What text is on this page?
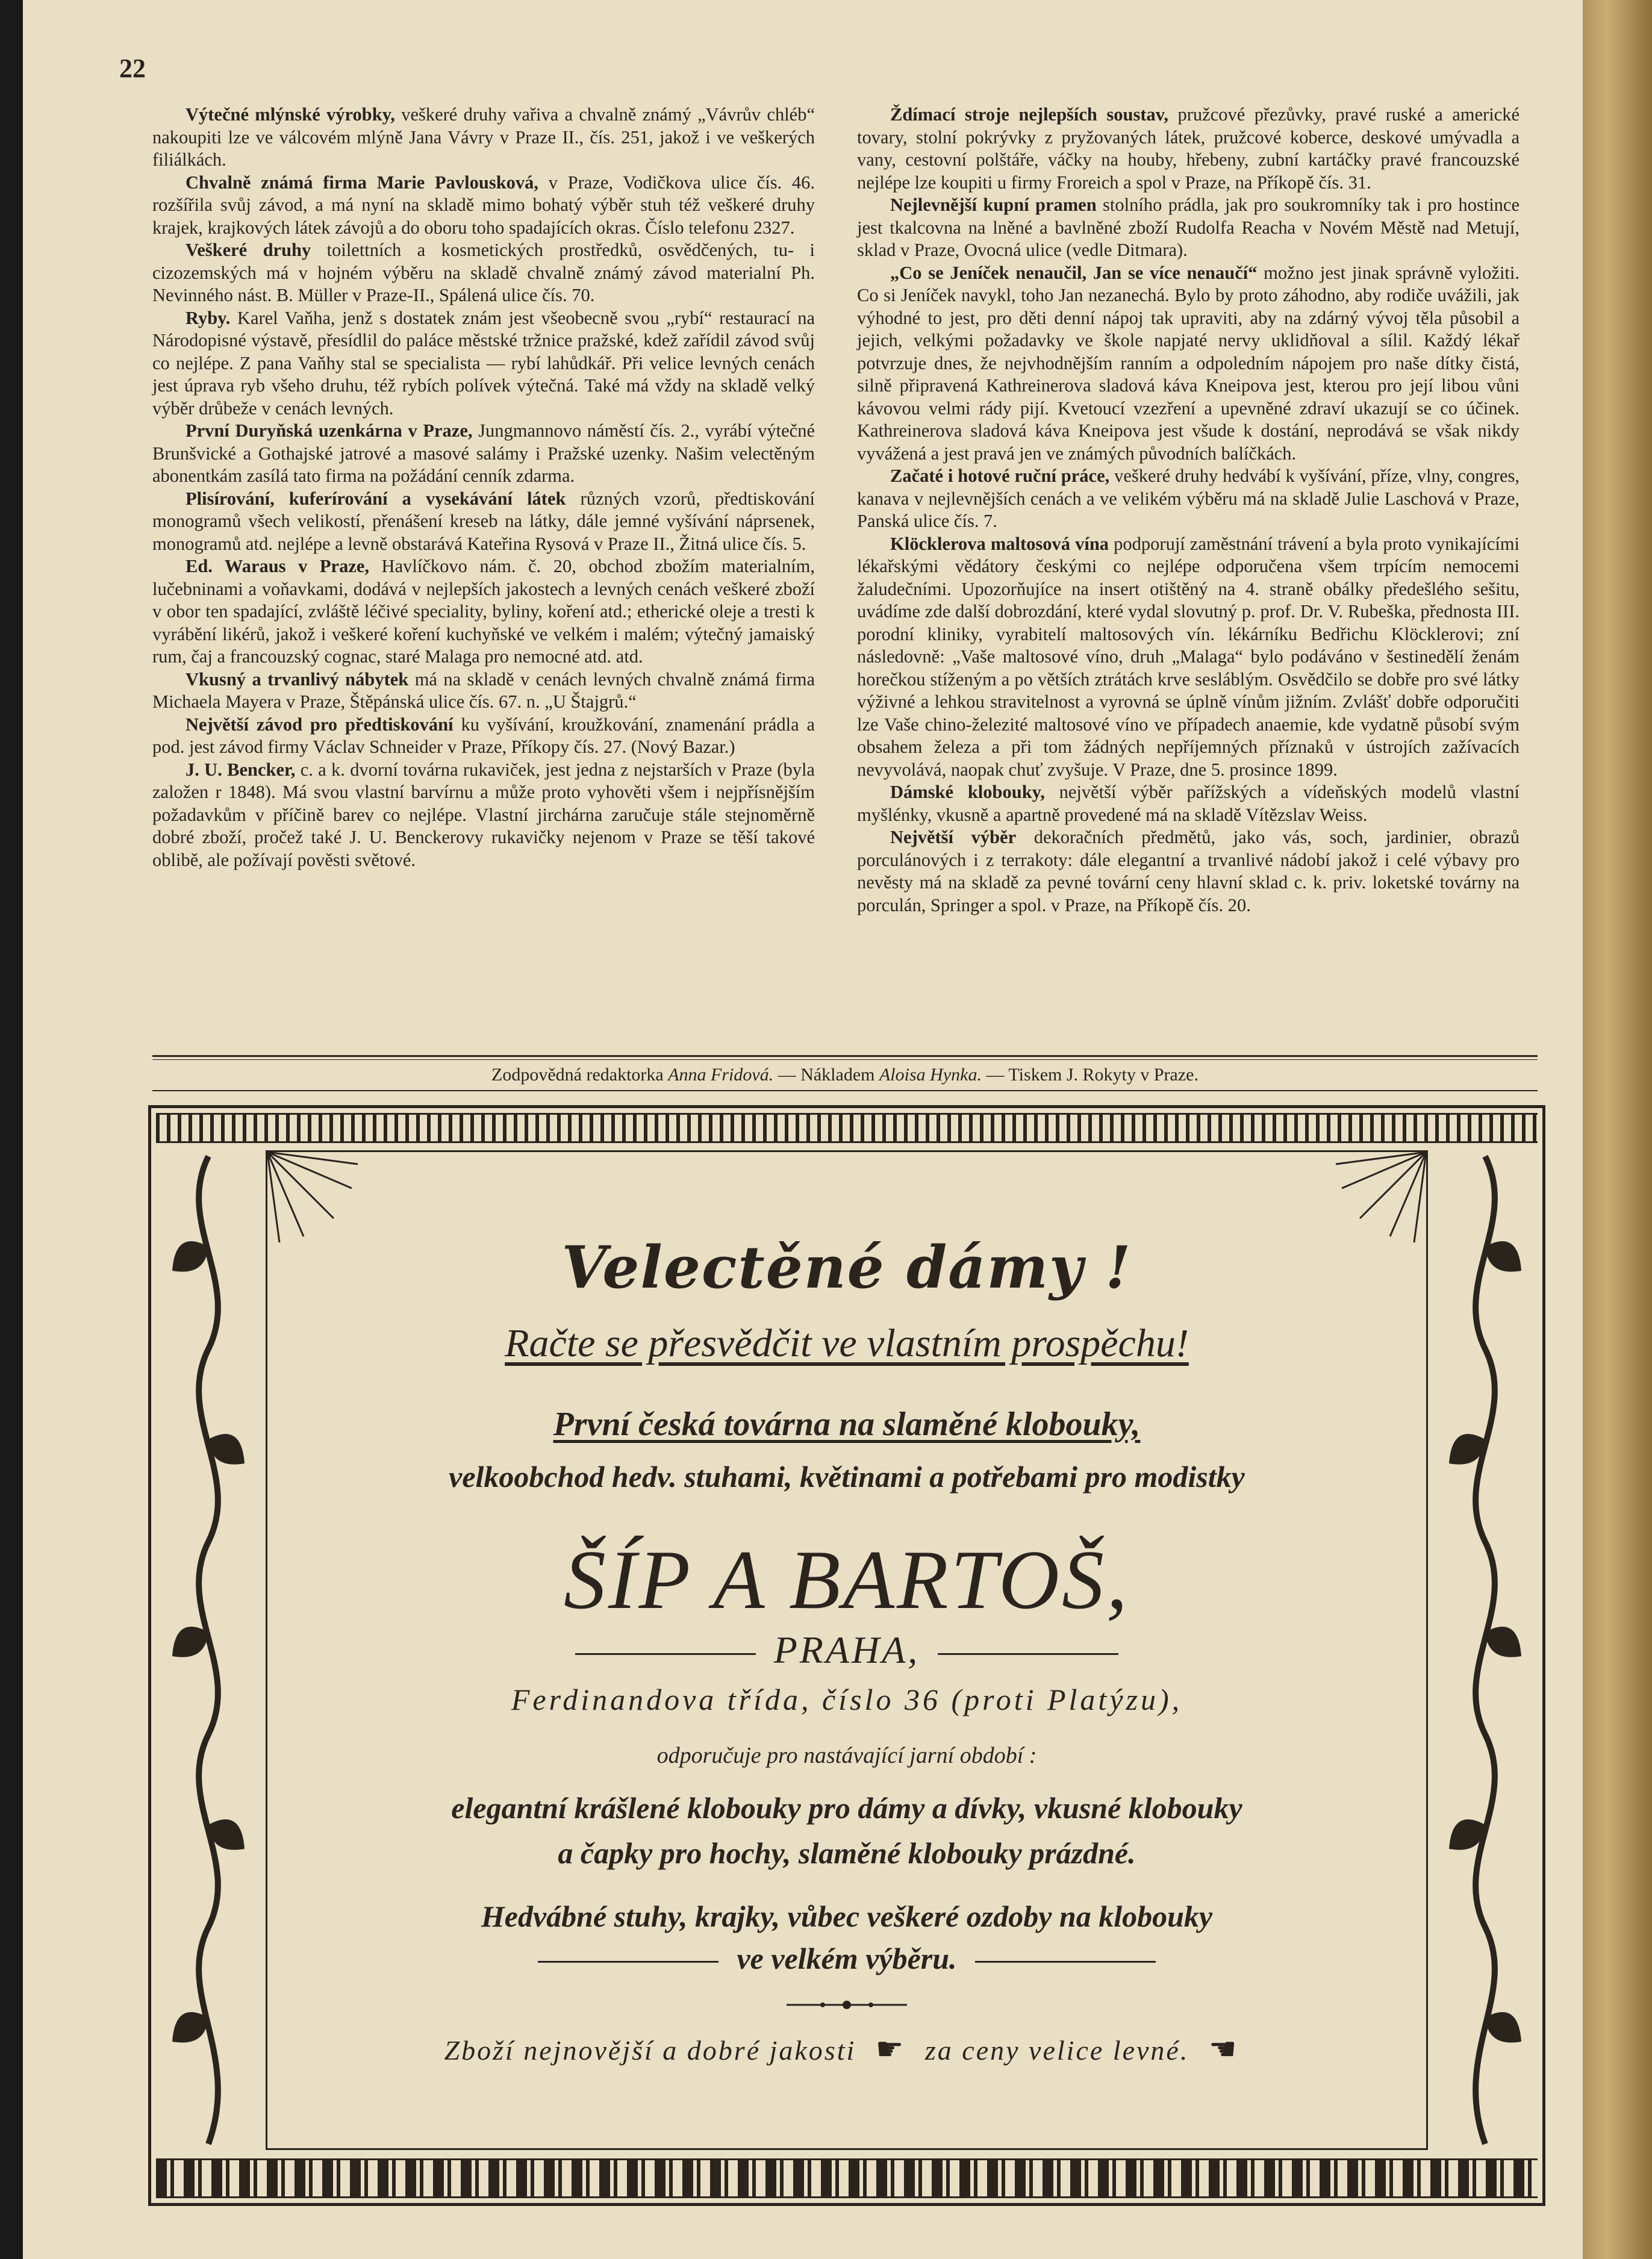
22

Výtečné mlýnské výrobky, veškeré druhy vařiva a chvalně známý „Vávrův chléb“ nakoupiti lze ve válcovém mlýně Jana Vávry v Praze II., čís. 251, jakož i ve veškerých filiálkách.

Chvalně známá firma Marie Pavlousková, v Praze, Vodičkova ulice čís. 46. rozšířila svůj závod, a má nyní na skladě mimo bohatý výběr stuh též veškeré druhy krajek, krajkových látek závojů a do oboru toho spadajících okras. Číslo telefonu 2327.

Veškeré druhy toilettních a kosmetických prostředků, osvědčených, tu- i cizozemských má v hojném výběru na skladě chvalně známý závod materialní Ph. Nevinného nást. B. Müller v Praze-II., Spálená ulice čís. 70.

Ryby. Karel Vaňha, jenž s dostatek znám jest všeobecně svou „rybí“ restaurací na Národopisné výstavě, přesídlil do paláce městské tržnice pražské, kdež zařídil závod svůj co nejlépe. Z pana Vaňhy stal se specialista — rybí lahůdkář. Při velice levných cenách jest úprava ryb všeho druhu, též rybích polívek výtečná. Také má vždy na skladě velký výběr drůbeže v cenách levných.

První Duryňská uzenkárna v Praze, Jungmannovo náměstí čís. 2., vyrábí výtečné Brunšvické a Gothajské jatrové a masové salámy i Pražské uzenky. Našim velectěným abonentkám zasílá tato firma na požádání cenník zdarma.

Plisírování, kuferírování a vysekávání látek různých vzorů, předtiskování monogramů všech velikostí, přenášení kreseb na látky, dále jemné vyšívání náprsenek, monogramů atd. nejlépe a levně obstarává Kateřina Rysová v Praze II., Žitná ulice čís. 5.

Ed. Waraus v Praze, Havlíčkovo nám. č. 20, obchod zbožím materialním, lučebninami a voňavkami, dodává v nejlepších jakostech a levných cenách veškeré zboží v obor ten spadající, zvláště léčivé speciality, byliny, koření atd.; etherické oleje a tresti k vyrábění likérů, jakož i veškeré koření kuchyňské ve velkém i malém; výtečný jamaiský rum, čaj a francouzský cognac, staré Malaga pro nemocné atd. atd.

Vkusný a trvanlivý nábytek má na skladě v cenách levných chvalně známá firma Michaela Mayera v Praze, Štěpánská ulice čís. 67. n. „U Štajgrů.“

Největší závod pro předtiskování ku vyšívání, kroužkování, znamenání prádla a pod. jest závod firmy Václav Schneider v Praze, Příkopy čís. 27. (Nový Bazar.)

J. U. Bencker, c. a k. dvorní továrna rukaviček, jest jedna z nejstarších v Praze (byla založen r 1848). Má svou vlastní barvírnu a může proto vyhověti všem i nejpřísnějším požadavkům v příčině barev co nejlépe. Vlastní jirchárna zaručuje stále stejnoměrně dobré zboží, pročež také J. U. Benckerovy rukavičky nejenom v Praze se těší takové oblibě, ale požívají pověsti světové.

Ždímací stroje nejlepších soustav, pružcové přezůvky, pravé ruské a americké tovary, stolní pokrývky z pryžovaných látek, pružcové koberce, deskové umývadla a vany, cestovní polštáře, váčky na houby, hřebeny, zubní kartáčky pravé francouzské nejlépe lze koupiti u firmy Froreich a spol v Praze, na Příkopě čís. 31.

Nejlevnější kupní pramen stolního prádla, jak pro soukromníky tak i pro hostince jest tkalcovna na lněné a bavlněné zboží Rudolfa Reacha v Novém Městě nad Metují, sklad v Praze, Ovocná ulice (vedle Ditmara).

„Co se Jeníček nenaučil, Jan se více nenaučí“ možno jest jinak správně vyložiti. Co si Jeníček navykl, toho Jan nezanechá. Bylo by proto záhodno, aby rodiče uvážili, jak výhodné to jest, pro děti denní nápoj tak upraviti, aby na zdárný vývoj těla působil a jejich, velkými požadavky ve škole napjaté nervy uklidňoval a sílil. Každý lékař potvrzuje dnes, že nejvhodnějším ranním a odpoledním nápojem pro naše dítky čistá, silně připravená Kathreinerova sladová káva Kneipova jest, kterou pro její libou vůni kávovou velmi rády pijí. Kvetoucí vzezření a upevněné zdraví ukazují se co účinek. Kathreinerova sladová káva Kneipova jest všude k dostání, neprodává se však nikdy vyvážená a jest pravá jen ve známých původních balíčkách.

Začaté i hotové ruční práce, veškeré druhy hedvábí k vyšívání, příze, vlny, congres, kanava v nejlevnějších cenách a ve velikém výběru má na skladě Julie Laschová v Praze, Panská ulice čís. 7.

Klöcklerova maltosová vína podporují zaměstnání trávení a byla proto vynikajícími lékařskými vědátory českými co nejlépe odporučena všem trpícím nemocemi žaludečními. Upozorňujíce na insert otištěný na 4. straně obálky předešlého sešitu, uvádíme zde další dobrozdání, které vydal slovutný p. prof. Dr. V. Rubeška, přednosta III. porodní kliniky, vyrabitelí maltosových vín. lékárníku Bedřichu Klöcklerovi; zní následovně: „Vaše maltosové víno, druh „Malaga“ bylo podáváno v šestinedělí ženám horečkou stíženým a po větších ztrátách krve sesláblým. Osvědčilo se dobře pro své látky výživné a lehkou stravitelnost a vyrovná se úplně vínům jižním. Zvlášť dobře odporučiti lze Vaše chino-železité maltosové víno ve případech anaemie, kde vydatně působí svým obsahem železa a při tom žádných nepříjemných příznaků v ústrojích zažívacích nevyvolává, naopak chuť zvyšuje. V Praze, dne 5. prosince 1899.

Dámské klobouky, největší výběr pařížských a vídeňských modelů vlastní myšlénky, vkusně a apartně provedené má na skladě Vítězslav Weiss.

Největší výběr dekoračních předmětů, jako vás, soch, jardinier, obrazů porculánových i z terrakoty: dále elegantní a trvanlivé nádobí jakož i celé výbavy pro nevěsty má na skladě za pevné tovární ceny hlavní sklad c. k. priv. loketské továrny na porculán, Springer a spol. v Praze, na Příkopě čís. 20.

Zodpovědná redaktorka Anna Fridová. — Nákladem Aloisa Hynka. — Tiskem J. Rokyty v Praze.
Velectěné dámy !
Račte se přesvědčit ve vlastním prospěchu!
První česká továrna na slaměné klobouky,
velkoobchod hedv. stuhami, květinami a potřebami pro modistky
ŠÍP A BARTOŠ,
PRAHA,
Ferdinandova třída, číslo 36 (proti Platýzu),
odporučuje pro nastávající jarní období :
elegantní krášlené klobouky pro dámy a dívky, vkusné klobouky
a čapky pro hochy, slaměné klobouky prázdné.
Hedvábné stuhy, krajky, vůbec veškeré ozdoby na klobouky
ve velkém výběru.
Zboží nejnovější a dobré jakosti ☛ za ceny velice levné. ☚
